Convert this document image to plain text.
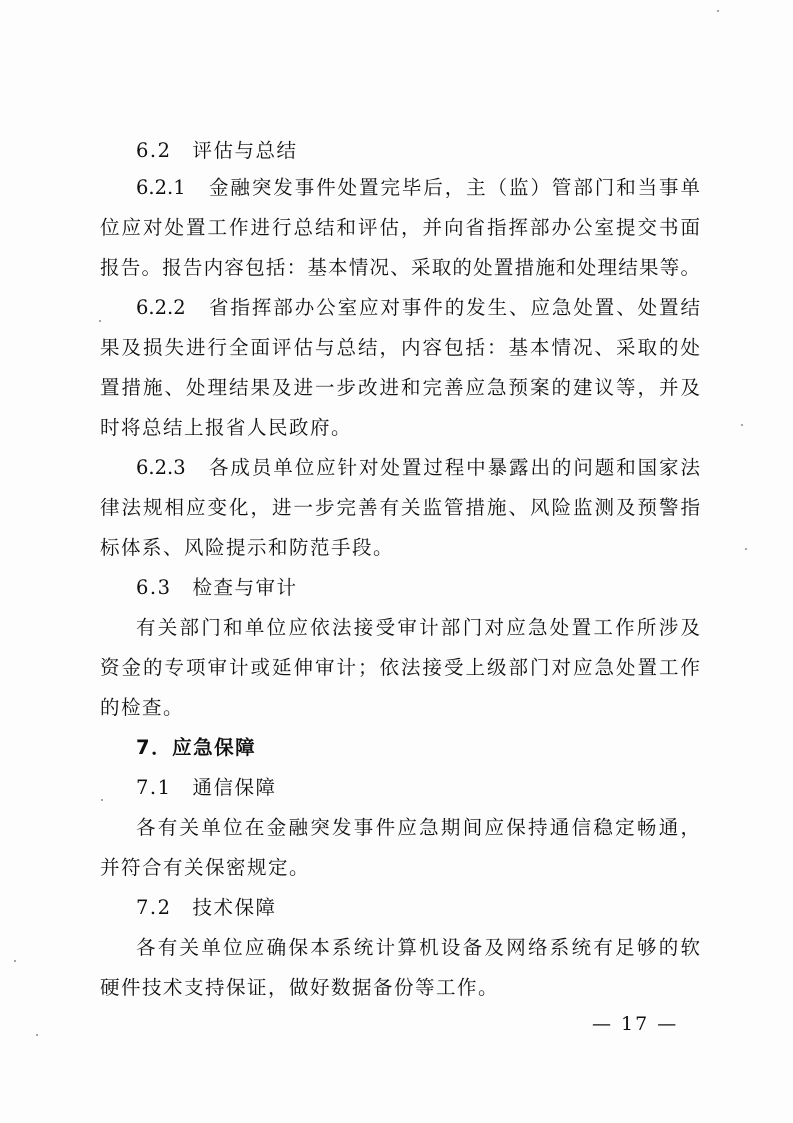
6.2　评估与总结
6.2.1　金融突发事件处置完毕后，主（监）管部门和当事单
位应对处置工作进行总结和评估，并向省指挥部办公室提交书面
报告。报告内容包括：基本情况、采取的处置措施和处理结果等。
6.2.2　省指挥部办公室应对事件的发生、应急处置、处置结
果及损失进行全面评估与总结，内容包括：基本情况、采取的处
置措施、处理结果及进一步改进和完善应急预案的建议等，并及
时将总结上报省人民政府。
6.2.3　各成员单位应针对处置过程中暴露出的问题和国家法
律法规相应变化，进一步完善有关监管措施、风险监测及预警指
标体系、风险提示和防范手段。
6.3　检查与审计
有关部门和单位应依法接受审计部门对应急处置工作所涉及
资金的专项审计或延伸审计；依法接受上级部门对应急处置工作
的检查。
7．应急保障
7.1　通信保障
各有关单位在金融突发事件应急期间应保持通信稳定畅通，
并符合有关保密规定。
7.2　技术保障
各有关单位应确保本系统计算机设备及网络系统有足够的软
硬件技术支持保证，做好数据备份等工作。
— 17 —
